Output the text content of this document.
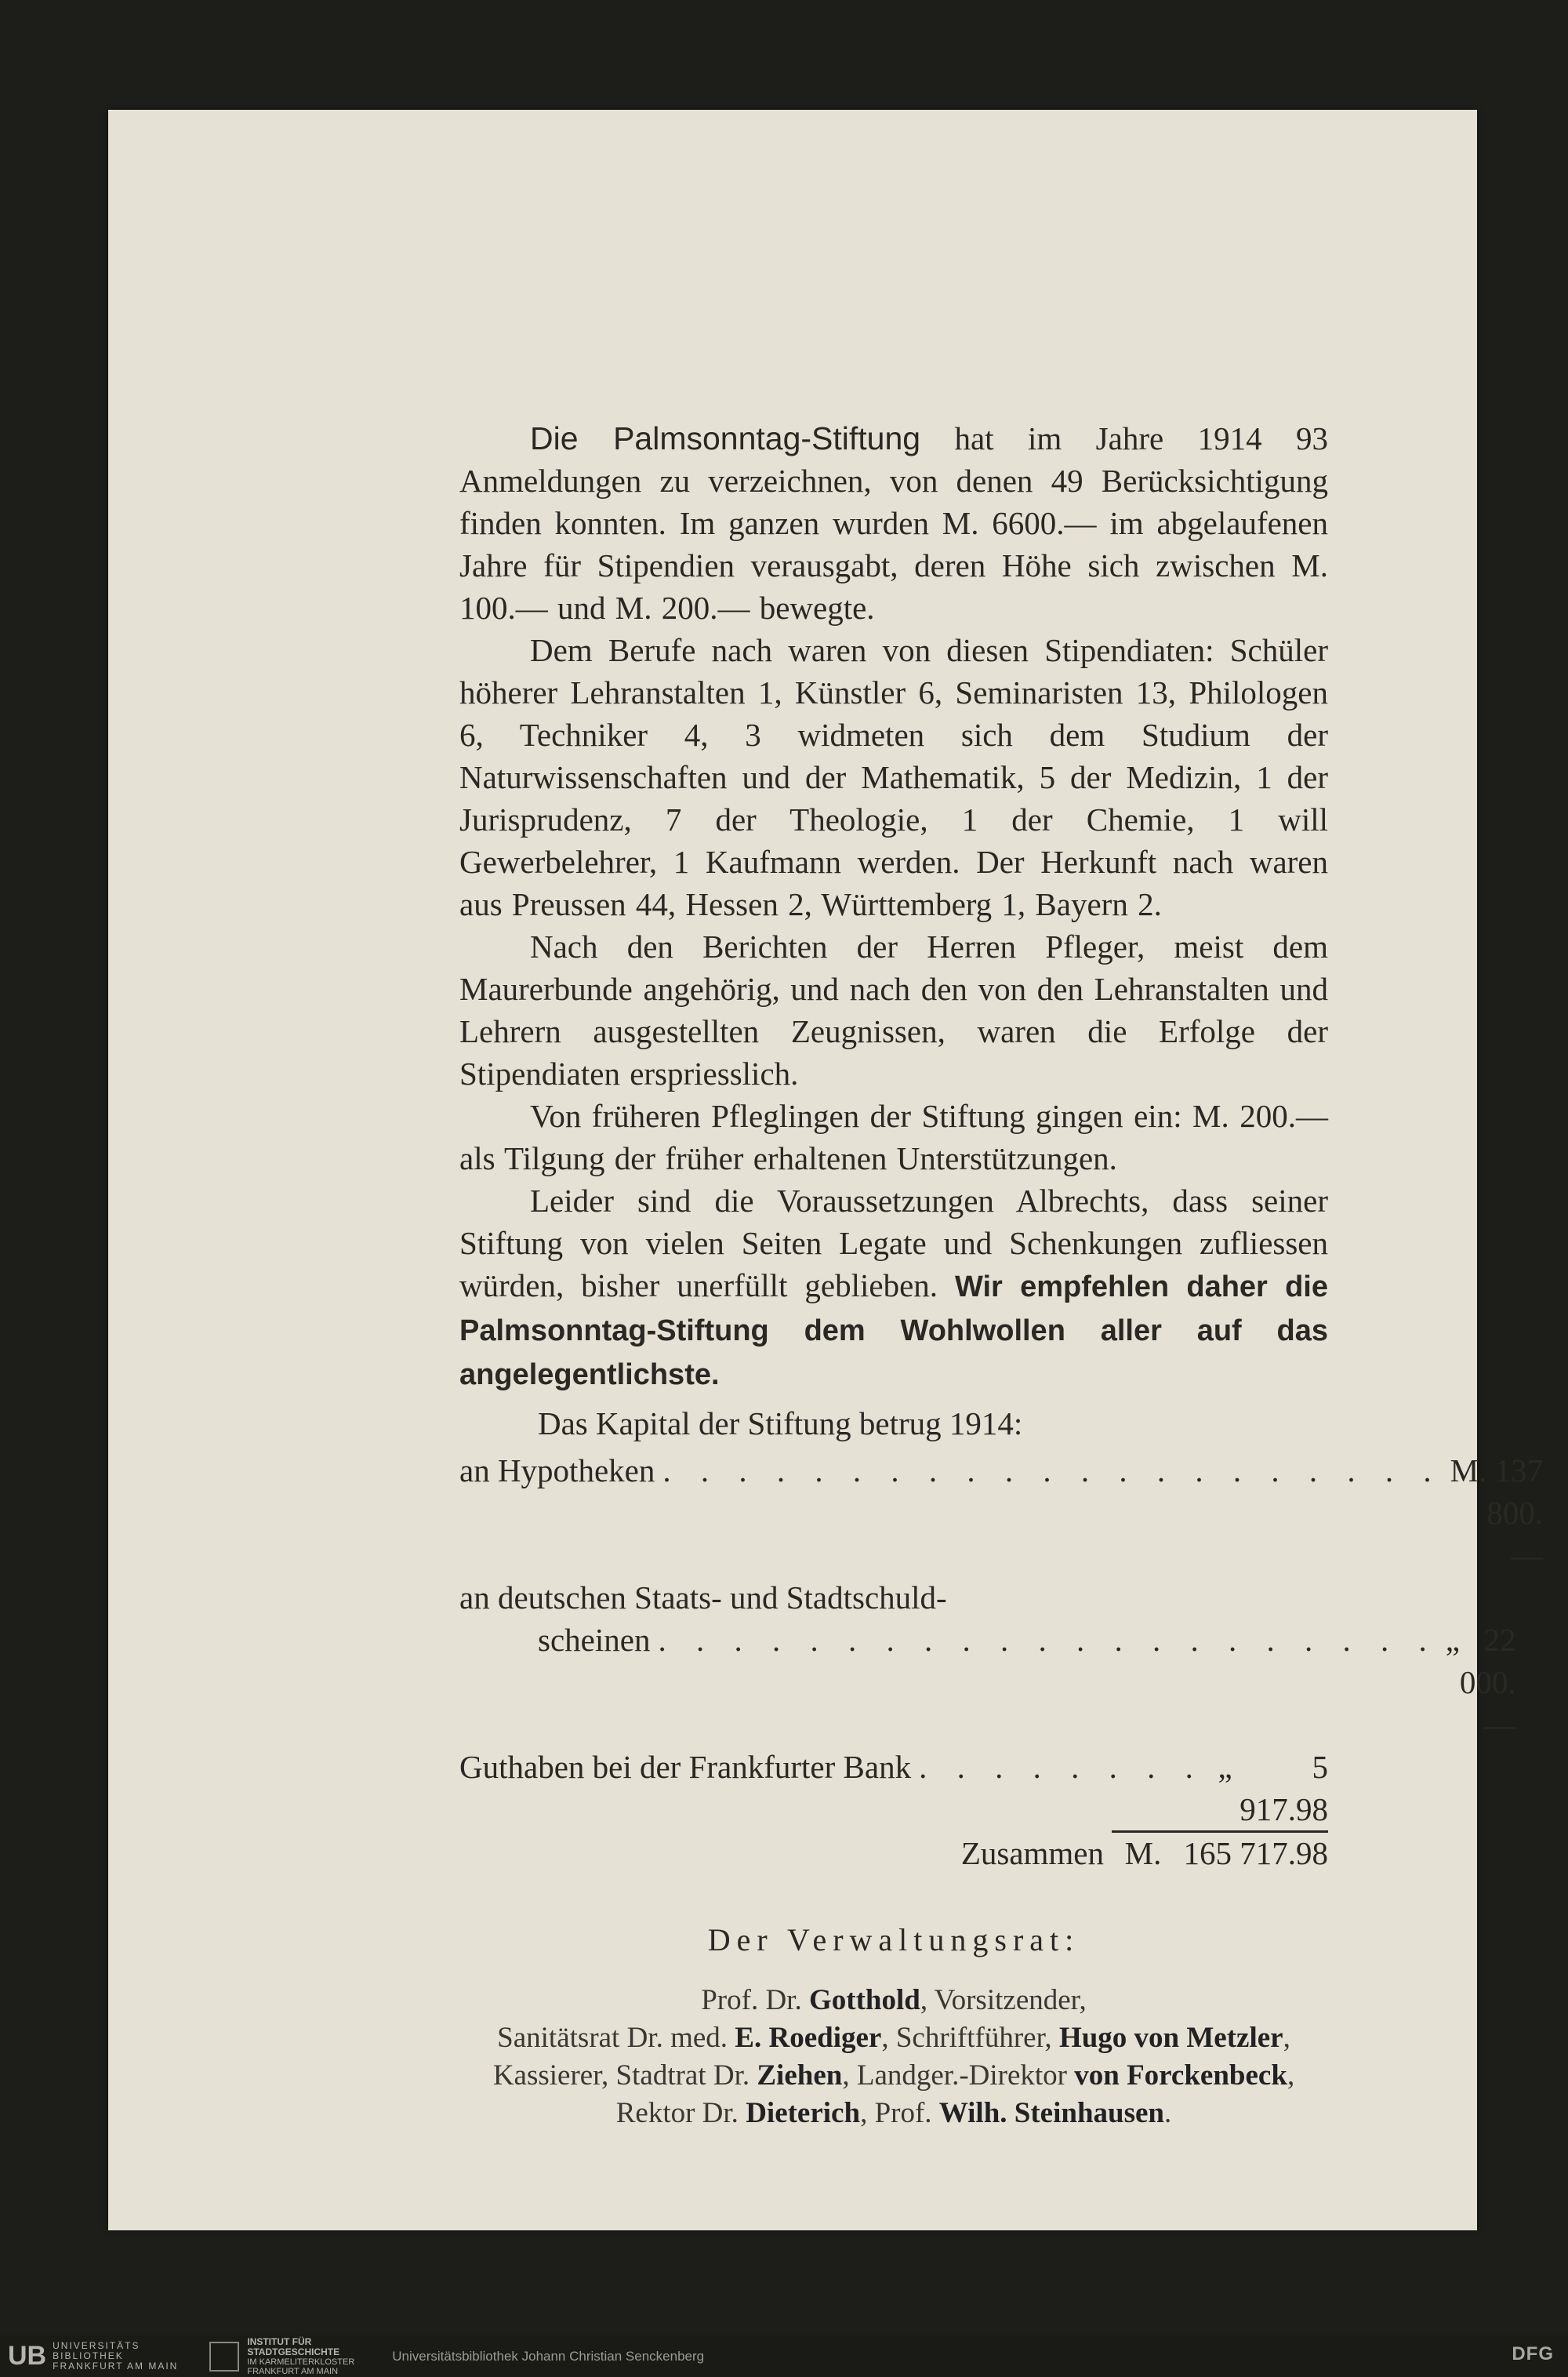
Die Palmsonntag-Stiftung hat im Jahre 1914 93 Anmeldungen zu verzeichnen, von denen 49 Berücksichtigung finden konnten. Im ganzen wurden M. 6600.— im abgelaufenen Jahre für Stipendien verausgabt, deren Höhe sich zwischen M. 100.— und M. 200.— bewegte.

Dem Berufe nach waren von diesen Stipendiaten: Schüler höherer Lehranstalten 1, Künstler 6, Seminaristen 13, Philologen 6, Techniker 4, 3 widmeten sich dem Studium der Naturwissenschaften und der Mathematik, 5 der Medizin, 1 der Jurisprudenz, 7 der Theologie, 1 der Chemie, 1 will Gewerbelehrer, 1 Kaufmann werden. Der Herkunft nach waren aus Preussen 44, Hessen 2, Württemberg 1, Bayern 2.

Nach den Berichten der Herren Pfleger, meist dem Maurerbunde angehörig, und nach den von den Lehranstalten und Lehrern ausgestellten Zeugnissen, waren die Erfolge der Stipendiaten erspriesslich.

Von früheren Pfleglingen der Stiftung gingen ein: M. 200.— als Tilgung der früher erhaltenen Unterstützungen.

Leider sind die Voraussetzungen Albrechts, dass seiner Stiftung von vielen Seiten Legate und Schenkungen zufliessen würden, bisher unerfüllt geblieben. Wir empfehlen daher die Palmsonntag-Stiftung dem Wohlwollen aller auf das angelegentlichste.

Das Kapital der Stiftung betrug 1914:

an Hypotheken . . . . . . . . . . . . . . . . . . . . . M. 137 800.—
an deutschen Staats- und Stadtschuld-
scheinen . . . . . . . . . . . . . . . . . . . . . „ 22 000.—
Guthaben bei der Frankfurter Bank . . . . . . . . „	5 917.98
Zusammen M. 165 717.98
Der Verwaltungsrat:
Prof. Dr. Gotthold, Vorsitzender,
Sanitätsrat Dr. med. E. Roediger, Schriftführer, Hugo von Metzler,
Kassierer, Stadtrat Dr. Ziehen, Landger.-Direktor von Forckenbeck,
Rektor Dr. Dieterich, Prof. Wilh. Steinhausen.
UB UNIVERSITÄTS
BIBLIOTHEK
FRANKFURT AM MAIN
INSTITUT FÜR
STADTGESCHICHTE
IM KARMELITERKLOSTER
FRANKFURT AM MAIN
Universitätsbibliothek Johann Christian Senckenberg	DFG
